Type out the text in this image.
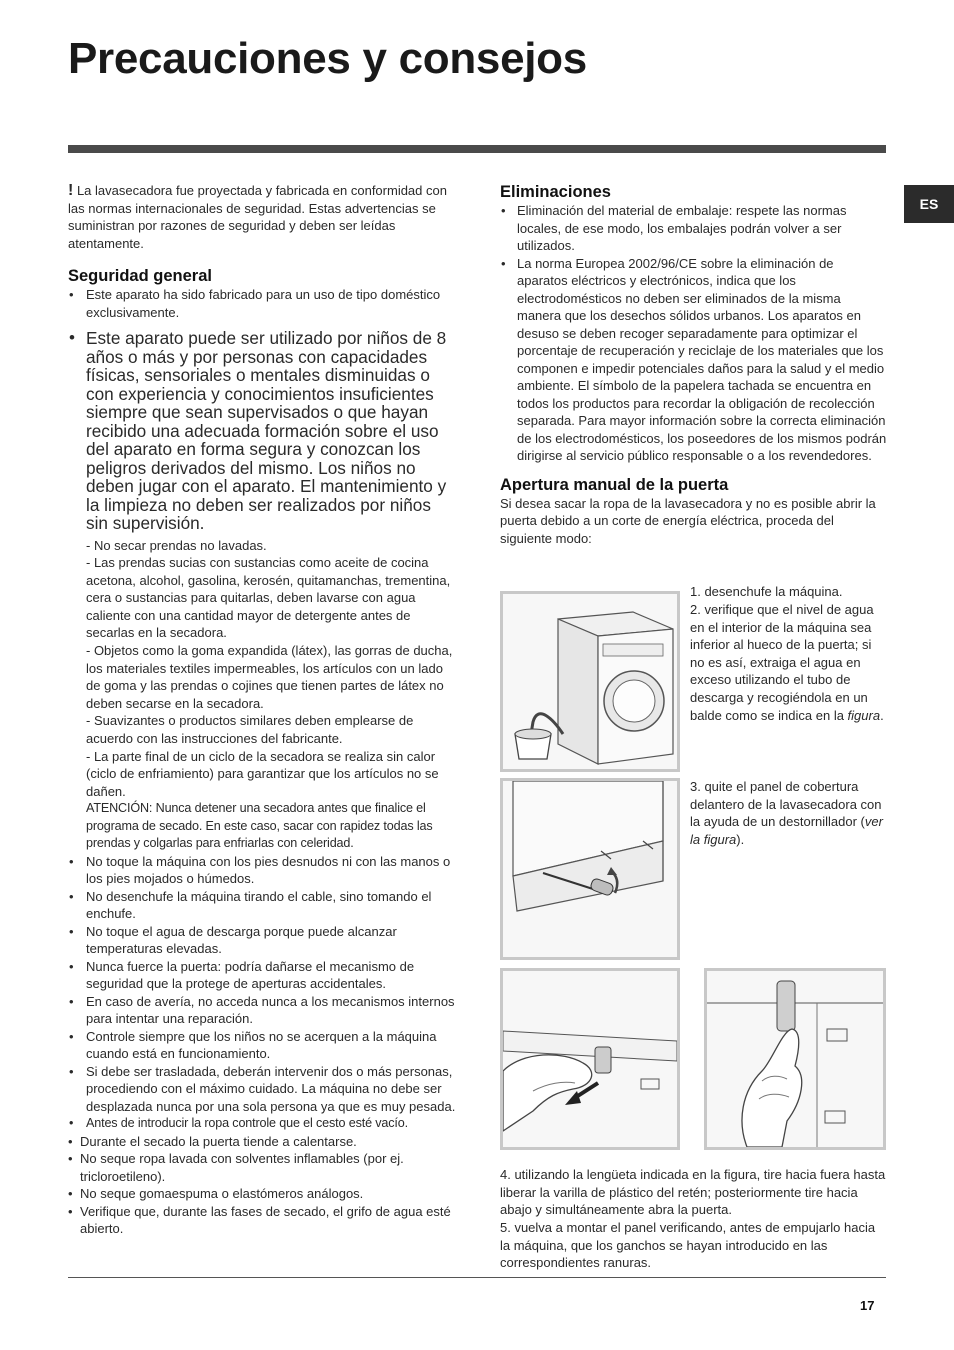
Precauciones y consejos
ES

! La lavasecadora fue proyectada y fabricada en conformidad con las normas internacionales de seguridad. Estas advertencias se suministran por razones de seguridad y deben ser leídas atentamente.

Seguridad general
• Este aparato ha sido fabricado para un uso de tipo doméstico exclusivamente.
• Este aparato puede ser utilizado por niños de 8 años o más y por personas con capacidades físicas, sensoriales o mentales disminuidas o con experiencia y conocimientos insuficientes siempre que sean supervisados o que hayan recibido una adecuada formación sobre el uso del aparato en forma segura y conozcan los peligros derivados del mismo. Los niños no deben jugar con el aparato. El mantenimiento y la limpieza no deben ser realizados por niños sin supervisión.

- No secar prendas no lavadas.

- Las prendas sucias con sustancias como aceite de cocina acetona, alcohol, gasolina, kerosén, quitamanchas, trementina, cera o sustancias para quitarlas, deben lavarse con agua caliente con una cantidad mayor de detergente antes de secarlas en la secadora.

- Objetos como la goma expandida (látex), las gorras de ducha, los materiales textiles impermeables, los artículos con un lado de goma y las prendas o cojines que tienen partes de látex no deben secarse en la secadora.

- Suavizantes o productos similares deben emplearse de acuerdo con las instrucciones del fabricante.

- La parte final de un ciclo de la secadora se realiza sin calor (ciclo de enfriamiento) para garantizar que los artículos no se dañen.

ATENCIÓN: Nunca detener una secadora antes que finalice el programa de secado. En este caso, sacar con rapidez todas las prendas y colgarlas para enfriarlas con celeridad.

• No toque la máquina con los pies desnudos ni con las manos o los pies mojados o húmedos.
• No desenchufe la máquina tirando el cable, sino tomando el enchufe.
• No toque el agua de descarga porque puede alcanzar temperaturas elevadas.
• Nunca fuerce la puerta: podría dañarse el mecanismo de seguridad que la protege de aperturas accidentales.
• En caso de avería, no acceda nunca a los mecanismos internos para intentar una reparación.
• Controle siempre que los niños no se acerquen a la máquina cuando está en funcionamiento.
• Si debe ser trasladada, deberán intervenir dos o más personas, procediendo con el máximo cuidado. La máquina no debe ser desplazada nunca por una sola persona ya que es muy pesada.
• Antes de introducir la ropa controle que el cesto esté vacío.
• Durante el secado la puerta tiende a calentarse.
• No seque ropa lavada con solventes inflamables (por ej. tricloroetileno).
• No seque gomaespuma o elastómeros análogos.
• Verifique que, durante las fases de secado, el grifo de agua esté abierto.
Eliminaciones
• Eliminación del material de embalaje: respete las normas locales, de ese modo, los embalajes podrán volver a ser utilizados.
• La norma Europea 2002/96/CE sobre la eliminación de aparatos eléctricos y electrónicos, indica que los electrodomésticos no deben ser eliminados de la misma manera que los desechos sólidos urbanos. Los aparatos en desuso se deben recoger separadamente para optimizar el porcentaje de recuperación y reciclaje de los materiales que los componen e impedir potenciales daños para la salud y el medio ambiente. El símbolo de la papelera tachada se encuentra en todos los productos para recordar la obligación de recolección separada. Para mayor información sobre la correcta eliminación de los electrodomésticos, los poseedores de los mismos podrán dirigirse al servicio público responsable o a los revendedores.
Apertura manual de la puerta

Si desea sacar la ropa de la lavasecadora y no es posible abrir la puerta debido a un corte de energía eléctrica, proceda del siguiente modo:

1. desenchufe la máquina.
2. verifique que el nivel de agua en el interior de la máquina sea inferior al hueco de la puerta; si no es así, extraiga el agua en exceso utilizando el tubo de descarga y recogiéndola en un balde como se indica en la figura.
3. quite el panel de cobertura delantero de la lavasecadora con la ayuda de un destornillador (ver la figura).
4. utilizando la lengüeta indicada en la figura, tire hacia fuera hasta liberar la varilla de plástico del retén; posteriormente tire hacia abajo y simultáneamente abra la puerta.
5. vuelva a montar el panel verificando, antes de empujarlo hacia la máquina, que los ganchos se hayan introducido en las correspondientes ranuras.
17
